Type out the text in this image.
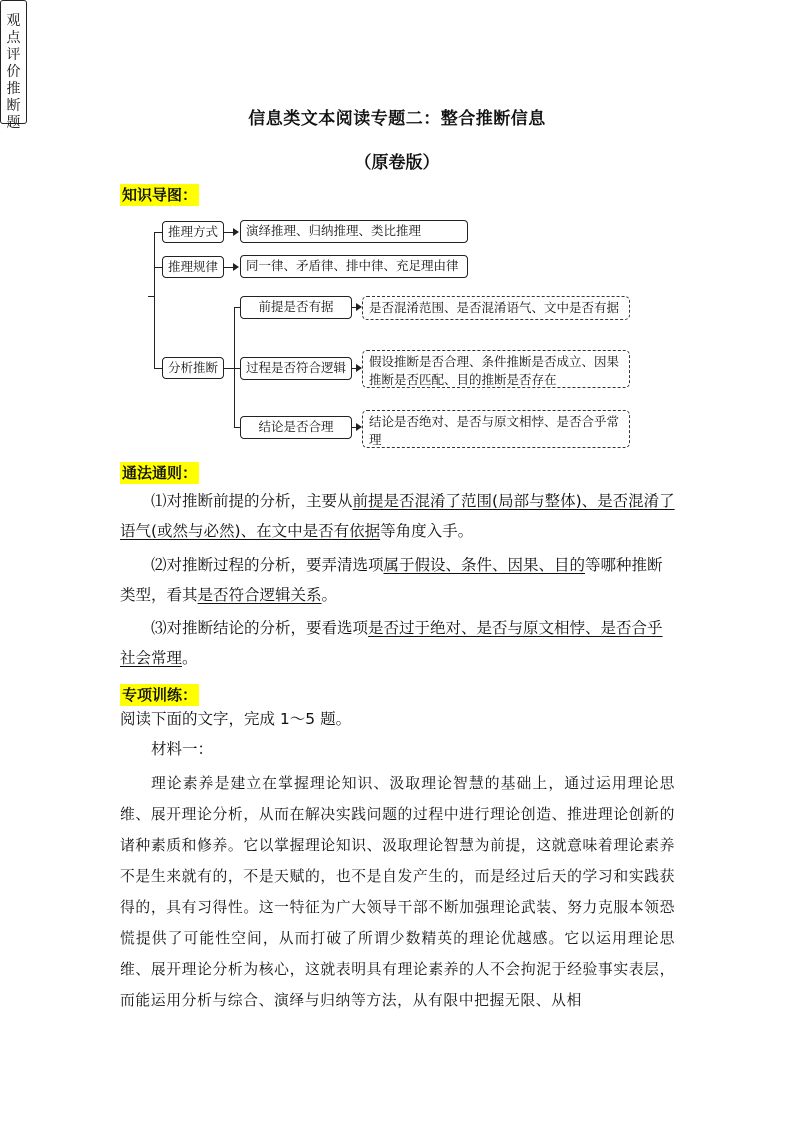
信息类文本阅读专题二：整合推断信息
（原卷版）
知识导图：
观
点
评
价
推
断
题
推理方式	演绎推理、归纳推理、类比推理
推理规律	同一律、矛盾律、排中律、充足理由律
分析推断
前提是否有据	是否混淆范围、是否混淆语气、文中是否有据
过程是否符合逻辑	假设推断是否合理、条件推断是否成立、因果推断是否匹配、目的推断是否存在
结论是否合理	结论是否绝对、是否与原文相悖、是否合乎常理
通法通则：
⑴对推断前提的分析，主要从前提是否混淆了范围(局部与整体)、是否混淆了语气(或然与必然)、在文中是否有依据等角度入手。
⑵对推断过程的分析，要弄清选项属于假设、条件、因果、目的等哪种推断类型，看其是否符合逻辑关系。
⑶对推断结论的分析，要看选项是否过于绝对、是否与原文相悖、是否合乎社会常理。
专项训练：
阅读下面的文字，完成 1～5 题。
材料一：
理论素养是建立在掌握理论知识、汲取理论智慧的基础上，通过运用理论思维、展开理论分析，从而在解决实践问题的过程中进行理论创造、推进理论创新的诸种素质和修养。它以掌握理论知识、汲取理论智慧为前提，这就意味着理论素养不是生来就有的，不是天赋的，也不是自发产生的，而是经过后天的学习和实践获得的，具有习得性。这一特征为广大领导干部不断加强理论武装、努力克服本领恐慌提供了可能性空间，从而打破了所谓少数精英的理论优越感。它以运用理论思维、展开理论分析为核心，这就表明具有理论素养的人不会拘泥于经验事实表层，而能运用分析与综合、演绎与归纳等方法，从有限中把握无限、从相
